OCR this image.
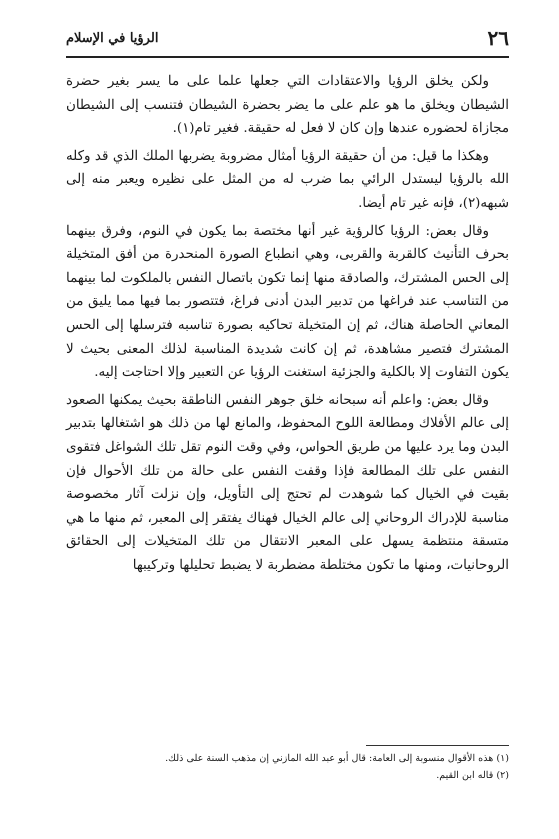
٢٦
الرؤيا في الإسلام

ولكن يخلق الرؤيا والاعتقادات التي جعلها علما على ما يسر بغير حضرة الشيطان ويخلق ما هو علم على ما يضر بحضرة الشيطان فتنسب إلى الشيطان مجازاة لحضوره عندها وإن كان لا فعل له حقيقة. فغير تام(١).

وهكذا ما قيل: من أن حقيقة الرؤيا أمثال مضروبة يضربها الملك الذي قد وكله الله بالرؤيا ليستدل الرائي بما ضرب له من المثل على نظيره ويعبر منه إلى شبهه(٢)، فإنه غير تام أيضا.

وقال بعض: الرؤيا كالرؤية غير أنها مختصة بما يكون في النوم، وفرق بينهما بحرف التأنيث كالقربة والقربى، وهي انطباع الصورة المنحدرة من أفق المتخيلة إلى الحس المشترك، والصادقة منها إنما تكون باتصال النفس بالملكوت لما بينهما من التناسب عند فراغها من تدبير البدن أدنى فراغ، فتتصور بما فيها مما يليق من المعاني الحاصلة هناك، ثم إن المتخيلة تحاكيه بصورة تناسبه فترسلها إلى الحس المشترك فتصير مشاهدة، ثم إن كانت شديدة المناسبة لذلك المعنى بحيث لا يكون التفاوت إلا بالكلية والجزئية استغنت الرؤيا عن التعبير وإلا احتاجت إليه.

وقال بعض: واعلم أنه سبحانه خلق جوهر النفس الناطقة بحيث يمكنها الصعود إلى عالم الأفلاك ومطالعة اللوح المحفوظ، والمانع لها من ذلك هو اشتغالها بتدبير البدن وما يرد عليها من طريق الحواس، وفي وقت النوم تقل تلك الشواغل فتقوى النفس على تلك المطالعة فإذا وقفت النفس على حالة من تلك الأحوال فإن بقيت في الخيال كما شوهدت لم تحتج إلى التأويل، وإن نزلت آثار مخصوصة مناسبة للإدراك الروحاني إلى عالم الخيال فهناك يفتقر إلى المعبر، ثم منها ما هي متسقة منتظمة يسهل على المعبر الانتقال من تلك المتخيلات إلى الحقائق الروحانيات، ومنها ما تكون مختلطة مضطربة لا يضبط تحليلها وتركيبها

(١) هذه الأقوال منسوبة إلى العامة: قال أبو عبد الله المازني إن مذهب السنة على ذلك.
(٢) قاله ابن القيم.
